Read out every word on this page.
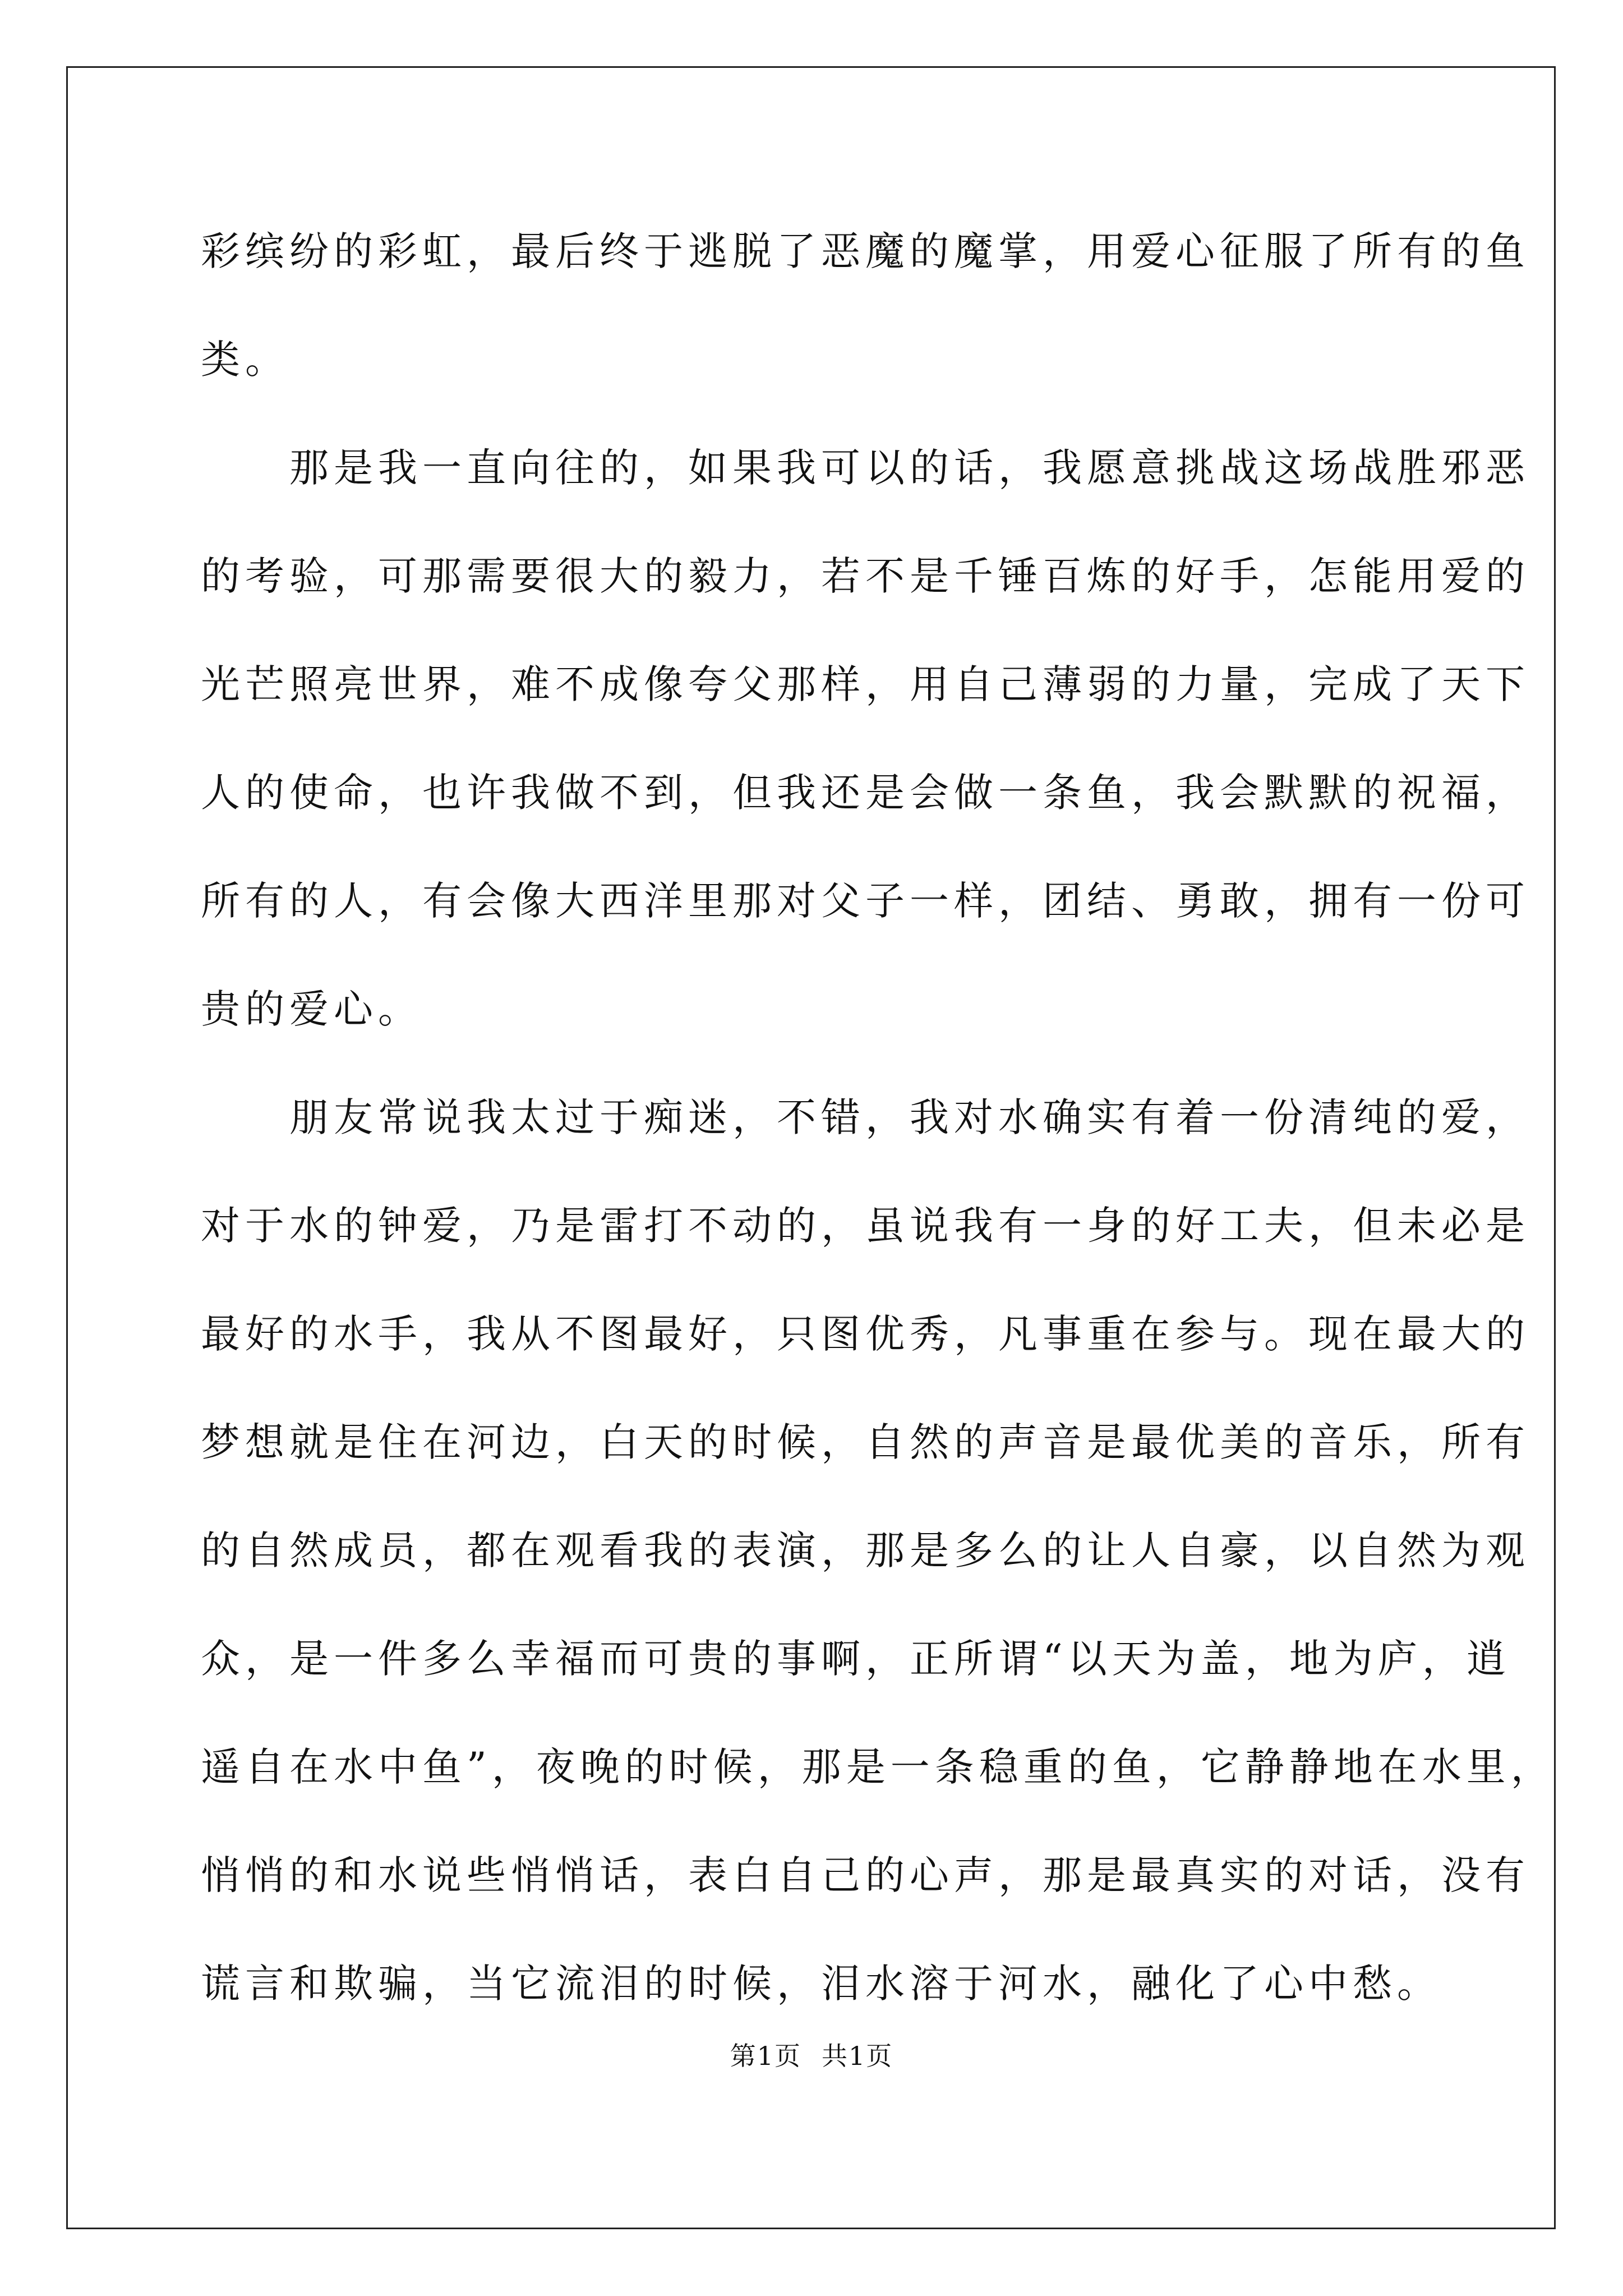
彩缤纷的彩虹，最后终于逃脱了恶魔的魔掌，用爱心征服了所有的鱼
类。
　　那是我一直向往的，如果我可以的话，我愿意挑战这场战胜邪恶
的考验，可那需要很大的毅力，若不是千锤百炼的好手，怎能用爱的
光芒照亮世界，难不成像夸父那样，用自己薄弱的力量，完成了天下
人的使命，也许我做不到，但我还是会做一条鱼，我会默默的祝福，
所有的人，有会像大西洋里那对父子一样，团结、勇敢，拥有一份可
贵的爱心。
　　朋友常说我太过于痴迷，不错，我对水确实有着一份清纯的爱，
对于水的钟爱，乃是雷打不动的，虽说我有一身的好工夫，但未必是
最好的水手，我从不图最好，只图优秀，凡事重在参与。现在最大的
梦想就是住在河边，白天的时候，自然的声音是最优美的音乐，所有
的自然成员，都在观看我的表演，那是多么的让人自豪，以自然为观
众，是一件多么幸福而可贵的事啊，正所谓“以天为盖，地为庐，逍
遥自在水中鱼”，夜晚的时候，那是一条稳重的鱼，它静静地在水里，
悄悄的和水说些悄悄话，表白自己的心声，那是最真实的对话，没有
谎言和欺骗，当它流泪的时候，泪水溶于河水，融化了心中愁。
第1页 共1页
